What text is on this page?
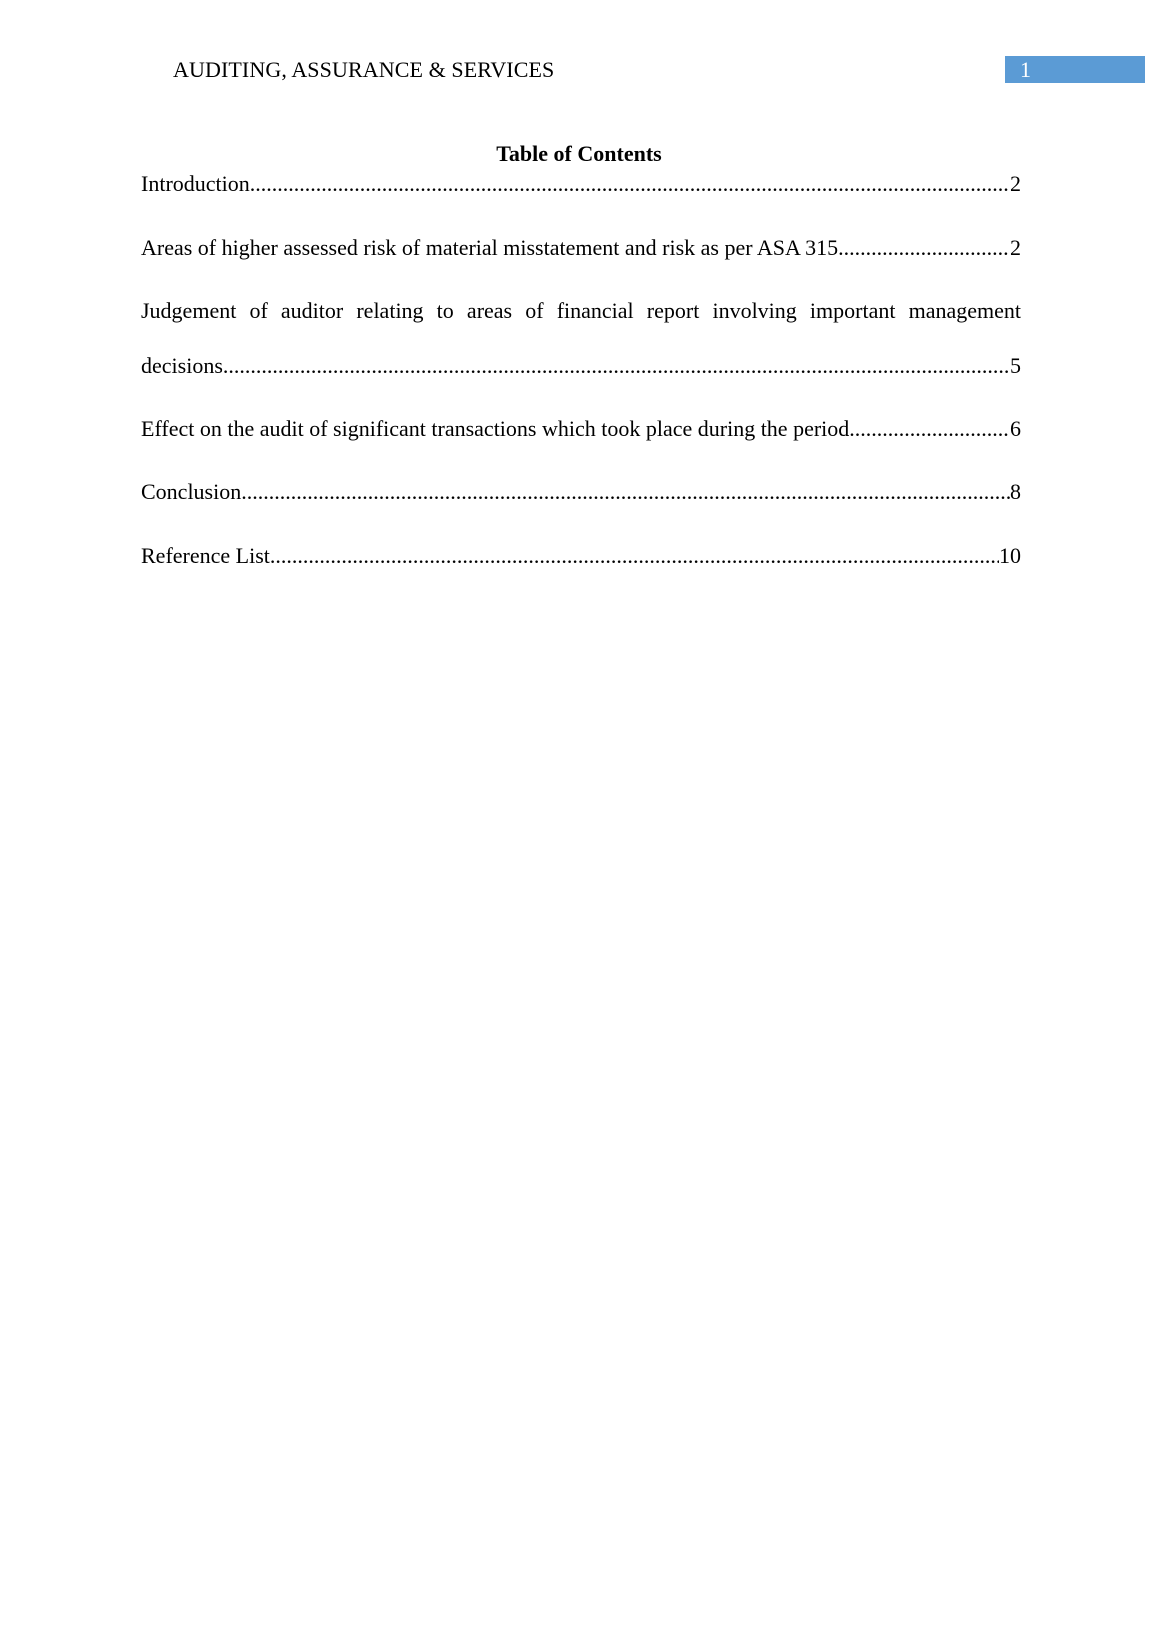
AUDITING, ASSURANCE & SERVICES	1
Table of Contents
Introduction .....	2
Areas of higher assessed risk of material misstatement and risk as per ASA 315 .....	2
Judgement of auditor relating to areas of financial report involving important management
decisions .....	5
Effect on the audit of significant transactions which took place during the period .....	6
Conclusion .....	8
Reference List .....	10
